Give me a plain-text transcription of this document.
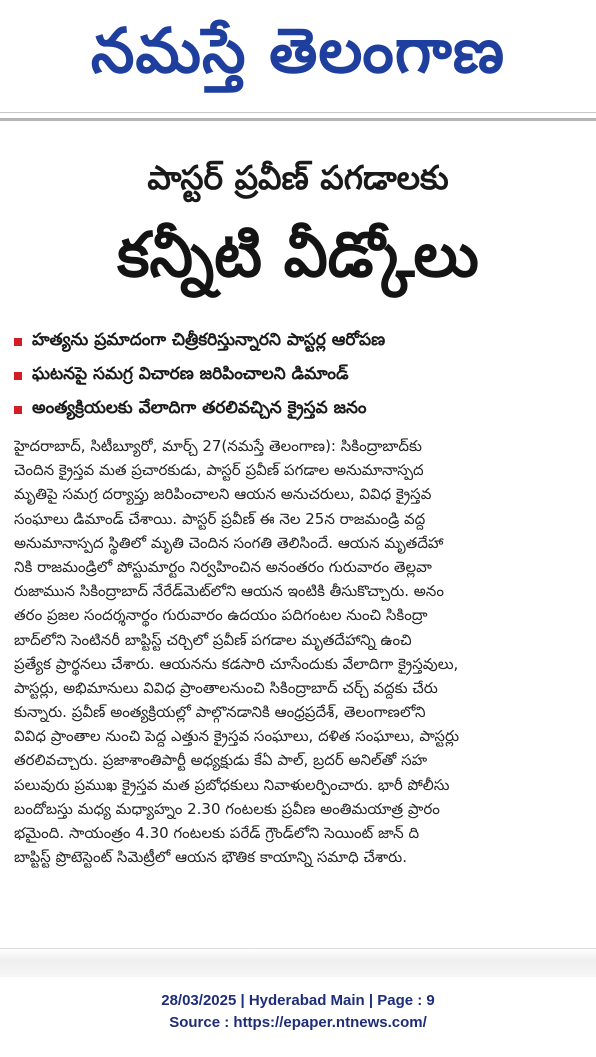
నమస్తే తెలంగాణ
పాస్టర్ ప్రవీణ్ పగడాలకు
కన్నీటి వీడ్కోలు
హత్యను ప్రమాదంగా చిత్రీకరిస్తున్నారని పాస్టర్ల ఆరోపణ
ఘటనపై సమగ్ర విచారణ జరిపించాలని డిమాండ్
అంత్యక్రియలకు వేలాదిగా తరలివచ్చిన క్రైస్తవ జనం
హైదరాబాద్, సిటీబ్యూరో, మార్చ్ 27(నమస్తే తెలంగాణ): సికింద్రాబాద్‌కు
చెందిన క్రైస్తవ మత ప్రచారకుడు, పాస్టర్ ప్రవీణ్ పగడాల అనుమానాస్పద
మృతిపై సమగ్ర దర్యాప్తు జరిపించాలని ఆయన అనుచరులు, వివిధ క్రైస్తవ
సంఘాలు డిమాండ్ చేశాయి. పాస్టర్ ప్రవీణ్ ఈ నెల 25న రాజమండ్రి వద్ద
అనుమానాస్పద స్థితిలో మృతి చెందిన సంగతి తెలిసిందే. ఆయన మృతదేహా
నికి రాజమండ్రిలో పోస్టుమార్టం నిర్వహించిన అనంతరం గురువారం తెల్లవా
రుజామున సికింద్రాబాద్ నేరేడ్‌మెట్‌లోని ఆయన ఇంటికి తీసుకొచ్చారు. అనం
తరం ప్రజల సందర్శనార్థం గురువారం ఉదయం పదిగంటల నుంచి సికింద్రా
బాద్‌లోని సెంటినరీ బాప్టిస్ట్ చర్చిలో ప్రవీణ్ పగడాల మృతదేహాన్ని ఉంచి
ప్రత్యేక ప్రార్థనలు చేశారు. ఆయనను కడసారి చూసేందుకు వేలాదిగా క్రైస్తవులు,
పాస్టర్లు, అభిమానులు వివిధ ప్రాంతాలనుంచి సికింద్రాబాద్ చర్చ్ వద్దకు చేరు
కున్నారు. ప్రవీణ్ అంత్యక్రియల్లో పాల్గొనడానికి ఆంధ్రప్రదేశ్, తెలంగాణలోని
వివిధ ప్రాంతాల నుంచి పెద్ద ఎత్తున క్రైస్తవ సంఘాలు, దళిత సంఘాలు, పాస్టర్లు
తరలివచ్చారు. ప్రజాశాంతిపార్టీ అధ్యక్షుడు కేఏ పాల్, బ్రదర్ అనిల్‌తో సహ
పలువురు ప్రముఖ క్రైస్తవ మత ప్రబోధకులు నివాళులర్పించారు. భారీ పోలీసు
బందోబస్తు మధ్య మధ్యాహ్నం 2.30 గంటలకు ప్రవీణ అంతిమయాత్ర ప్రారం
భమైంది. సాయంత్రం 4.30 గంటలకు పరేడ్ గ్రౌండ్‌లోని సెయింట్ జాన్ ది
బాప్టిస్ట్ ప్రొటెస్టెంట్ సిమెట్రీలో ఆయన భౌతిక కాయాన్ని సమాధి చేశారు.
28/03/2025 | Hyderabad Main | Page : 9
Source : https://epaper.ntnews.com/
